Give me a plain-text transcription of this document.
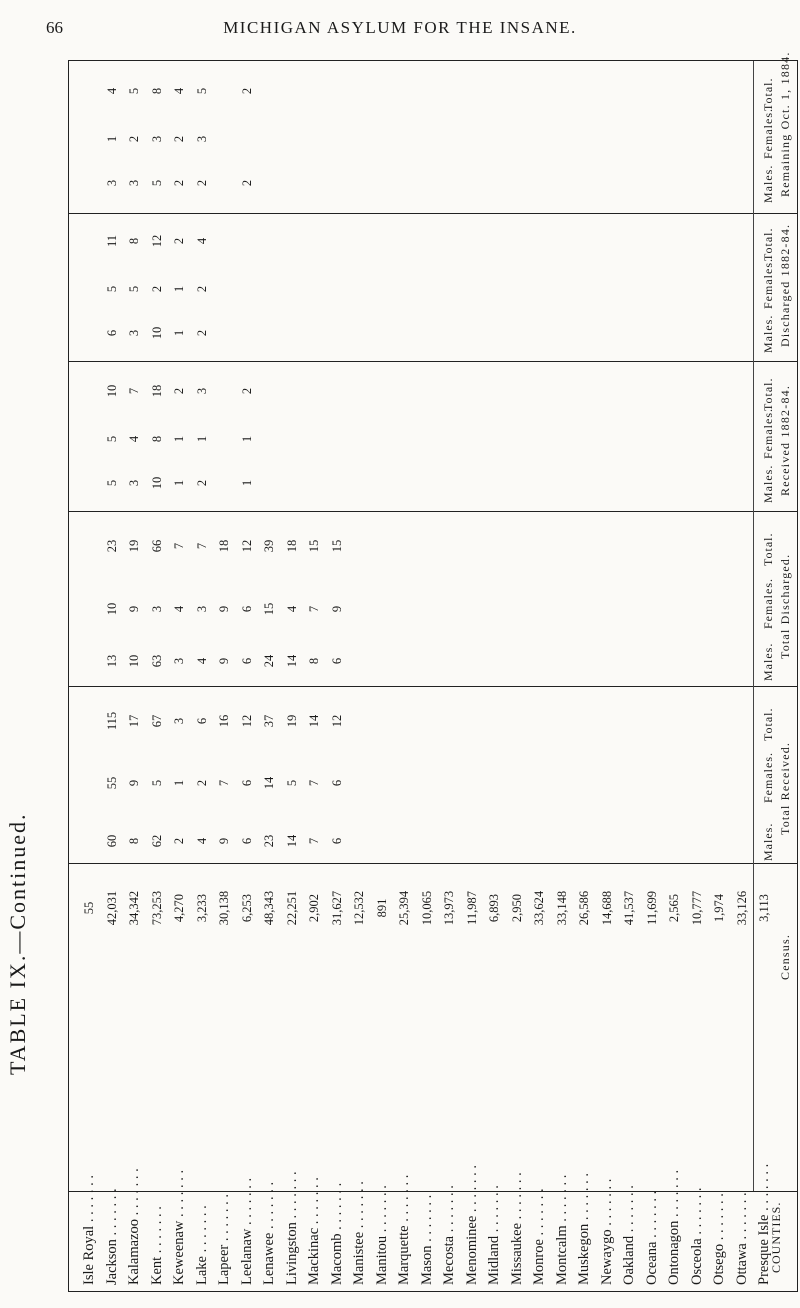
66	MICHIGAN ASYLUM FOR THE INSANE.
TABLE IX.—Continued.
Remaining Oct. 1, 1884.
Total.
Females.
Males.
Discharged 1882-84.
Total.
Females.
Males.
Received 1882-84.
Total.
Females.
Males.
Total Discharged.
Total.
Females.
Males.
Total Received.
Total.
Females.
Males.
Census.
COUNTIES.
Isle Royal . . . . . . . Jackson . . . . . . . Kalamazoo . . . . . . . Kent . . . . . . . Keweenaw . . . . . . . Lake . . . . . . . Lapeer . . . . . . . Leelanaw . . . . . . . Lenawee . . . . . . . Livingston . . . . . . . Mackinac . . . . . . . Macomb . . . . . . . Manistee . . . . . . . Manitou . . . . . . . Marquette . . . . . . . Mason . . . . . . . Mecosta . . . . . . . Menominee . . . . . . . Midland . . . . . . . Missaukee . . . . . . . Monroe . . . . . . . Montcalm . . . . . . . Muskegon . . . . . . . Newaygo . . . . . . . Oakland . . . . . . . Oceana . . . . . . . Ontonagon . . . . . . . Osceola . . . . . . . Otsego . . . . . . . Ottawa . . . . . . . Presque Isle . . . . . . .
55
4
1
3
11
5
6
10
5
5
23
10
13
115
55
60
42,031
5
2
3
8
5
3
7
4
3
19
9
10
17
9
8
34,342
8
3
5
12
2
10
18
8
10
66
3
63
67
5
62
73,253
4
2
2
2
1
1
2
1
1
7
4
3
3
1
2
4,270
5
3
2
4
2
2
3
1
2
7
3
4
6
2
4
3,233
18
9
9
16
7
9
30,138
2
2
2
1
1
12
6
6
12
6
6
6,253
39
15
24
37
14
23
48,343
18
4
14
19
5
14
22,251
15
7
8
14
7
7
2,902
15
9
6
12
6
6
31,627 12,532 891 25,394 10,065 13,973 11,987 6,893 2,950 33,624 33,148 26,586 14,688 41,537 11,699 2,565 10,777 1,974 33,126 3,113
